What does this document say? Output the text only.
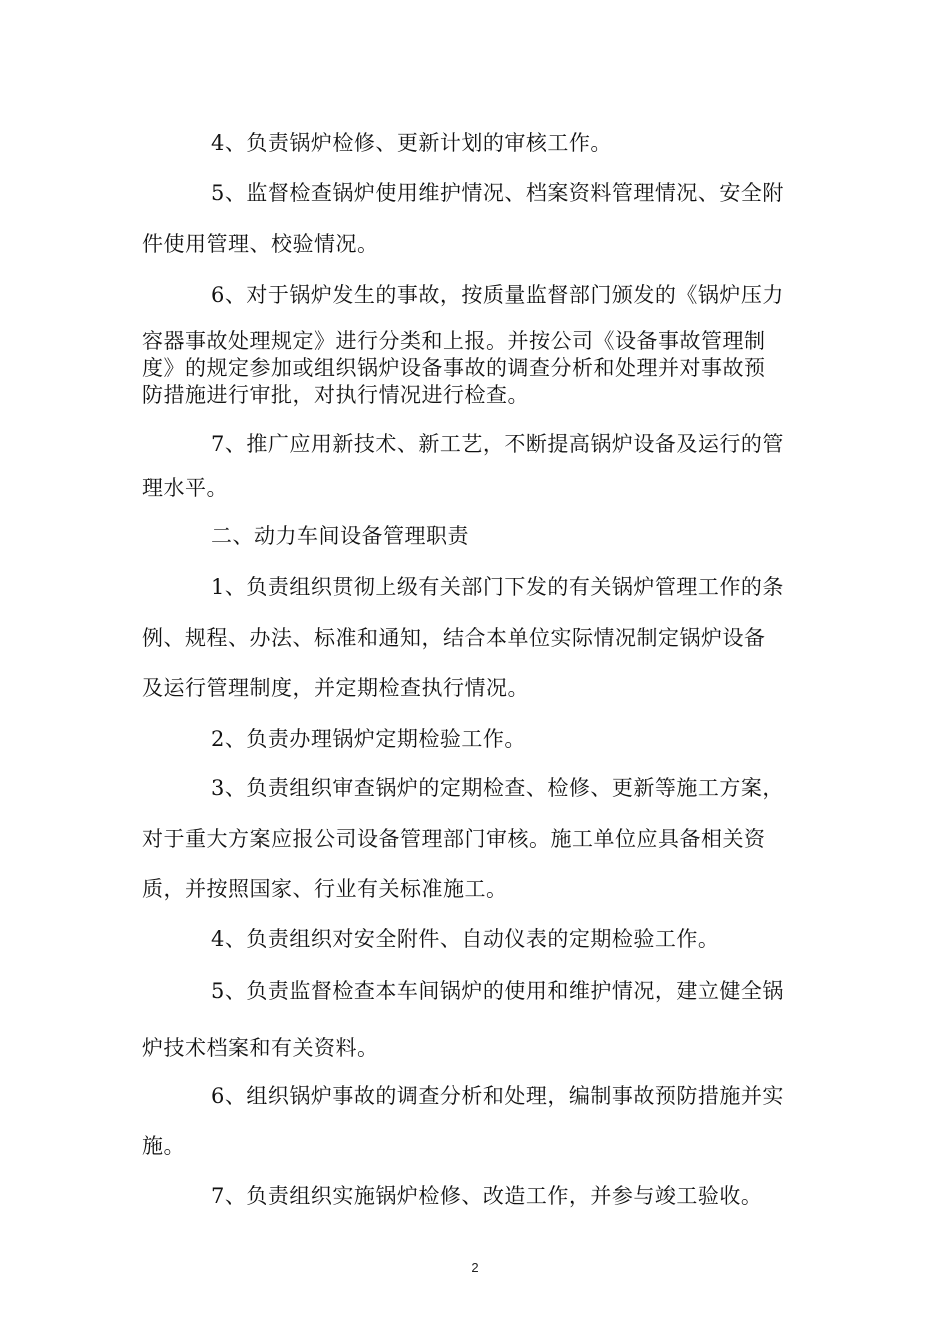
4、负责锅炉检修、更新计划的审核工作。
5、监督检查锅炉使用维护情况、档案资料管理情况、安全附
件使用管理、校验情况。
6、对于锅炉发生的事故，按质量监督部门颁发的《锅炉压力
容器事故处理规定》进行分类和上报。并按公司《设备事故管理制
度》的规定参加或组织锅炉设备事故的调查分析和处理并对事故预
防措施进行审批，对执行情况进行检查。
7、推广应用新技术、新工艺，不断提高锅炉设备及运行的管
理水平。
二、动力车间设备管理职责
1、负责组织贯彻上级有关部门下发的有关锅炉管理工作的条
例、规程、办法、标准和通知，结合本单位实际情况制定锅炉设备
及运行管理制度，并定期检查执行情况。
2、负责办理锅炉定期检验工作。
3、负责组织审查锅炉的定期检查、检修、更新等施工方案，
对于重大方案应报公司设备管理部门审核。施工单位应具备相关资
质，并按照国家、行业有关标准施工。
4、负责组织对安全附件、自动仪表的定期检验工作。
5、负责监督检查本车间锅炉的使用和维护情况，建立健全锅
炉技术档案和有关资料。
6、组织锅炉事故的调查分析和处理，编制事故预防措施并实
施。
7、负责组织实施锅炉检修、改造工作，并参与竣工验收。
2
